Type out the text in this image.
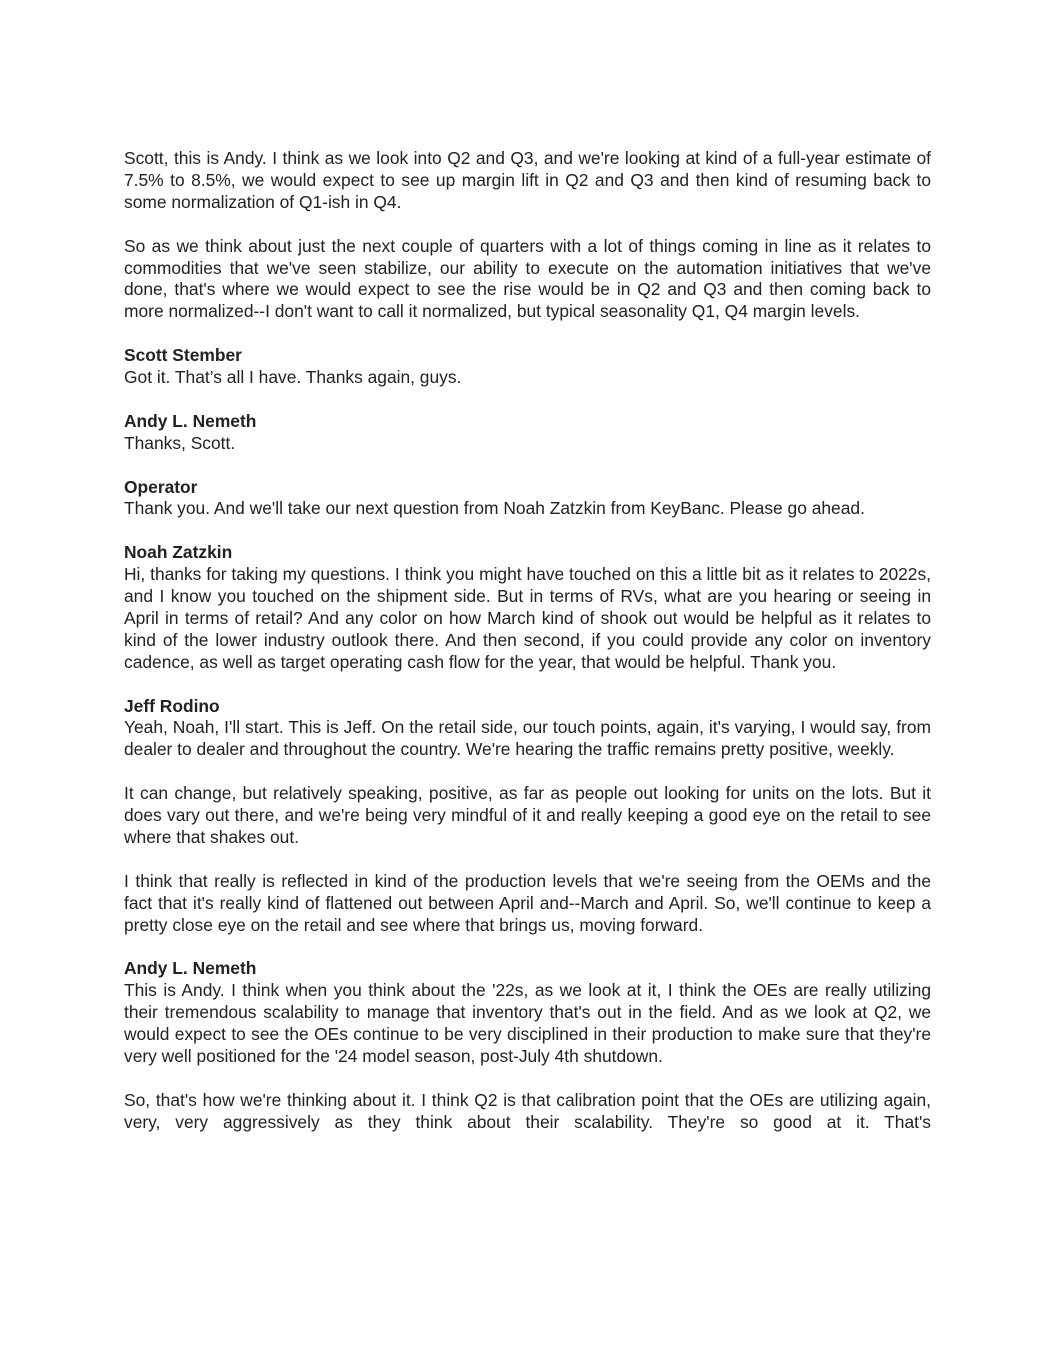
Scott, this is Andy. I think as we look into Q2 and Q3, and we're looking at kind of a full-year estimate of 7.5% to 8.5%, we would expect to see up margin lift in Q2 and Q3 and then kind of resuming back to some normalization of Q1-ish in Q4.

So as we think about just the next couple of quarters with a lot of things coming in line as it relates to commodities that we've seen stabilize, our ability to execute on the automation initiatives that we've done, that's where we would expect to see the rise would be in Q2 and Q3 and then coming back to more normalized--I don't want to call it normalized, but typical seasonality Q1, Q4 margin levels.

Scott Stember

Got it. That’s all I have. Thanks again, guys.

Andy L. Nemeth

Thanks, Scott.

Operator

Thank you. And we'll take our next question from Noah Zatzkin from KeyBanc. Please go ahead.

Noah Zatzkin

Hi, thanks for taking my questions. I think you might have touched on this a little bit as it relates to 2022s, and I know you touched on the shipment side. But in terms of RVs, what are you hearing or seeing in April in terms of retail? And any color on how March kind of shook out would be helpful as it relates to kind of the lower industry outlook there. And then second, if you could provide any color on inventory cadence, as well as target operating cash flow for the year, that would be helpful. Thank you.

Jeff Rodino

Yeah, Noah, I'll start. This is Jeff. On the retail side, our touch points, again, it's varying, I would say, from dealer to dealer and throughout the country. We're hearing the traffic remains pretty positive, weekly.

It can change, but relatively speaking, positive, as far as people out looking for units on the lots. But it does vary out there, and we're being very mindful of it and really keeping a good eye on the retail to see where that shakes out.

I think that really is reflected in kind of the production levels that we're seeing from the OEMs and the fact that it's really kind of flattened out between April and--March and April. So, we'll continue to keep a pretty close eye on the retail and see where that brings us, moving forward.

Andy L. Nemeth

This is Andy. I think when you think about the '22s, as we look at it, I think the OEs are really utilizing their tremendous scalability to manage that inventory that's out in the field. And as we look at Q2, we would expect to see the OEs continue to be very disciplined in their production to make sure that they're very well positioned for the '24 model season, post-July 4th shutdown.

So, that's how we're thinking about it. I think Q2 is that calibration point that the OEs are utilizing again, very, very aggressively as they think about their scalability. They're so good at it. That's
